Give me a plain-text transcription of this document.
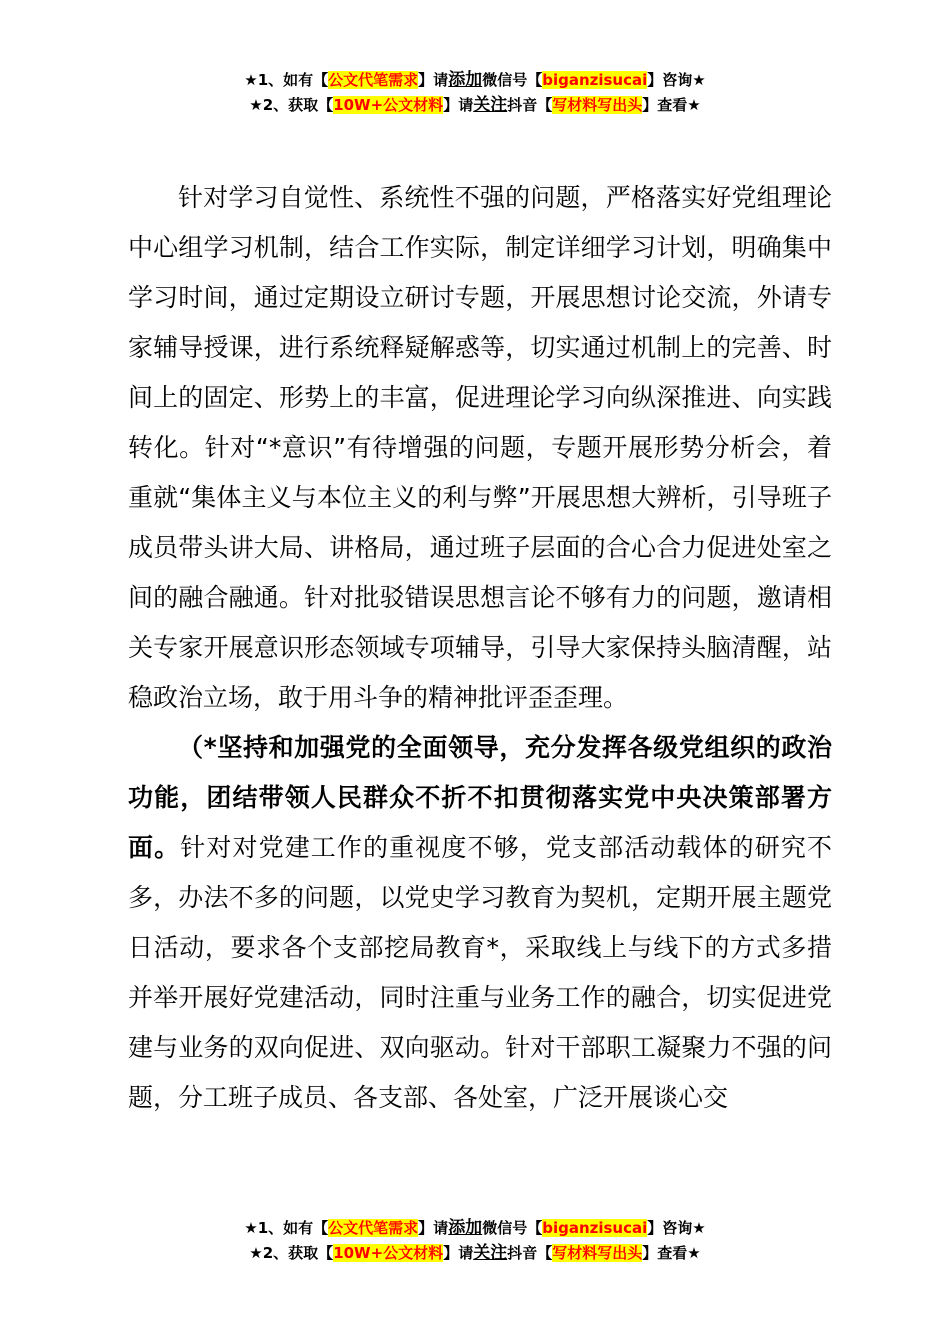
★1、如有【公文代笔需求】请添加微信号【biganzisucai】咨询★
★2、获取【10W+公文材料】请关注抖音【写材料写出头】查看★

针对学习自觉性、系统性不强的问题，严格落实好党组理论中心组学习机制，结合工作实际，制定详细学习计划，明确集中学习时间，通过定期设立研讨专题，开展思想讨论交流，外请专家辅导授课，进行系统释疑解惑等，切实通过机制上的完善、时间上的固定、形势上的丰富，促进理论学习向纵深推进、向实践转化。针对“*意识”有待增强的问题，专题开展形势分析会，着重就“集体主义与本位主义的利与弊”开展思想大辨析，引导班子成员带头讲大局、讲格局，通过班子层面的合心合力促进处室之间的融合融通。针对批驳错误思想言论不够有力的问题，邀请相关专家开展意识形态领域专项辅导，引导大家保持头脑清醒，站稳政治立场，敢于用斗争的精神批评歪歪理。

（*坚持和加强党的全面领导，充分发挥各级党组织的政治功能，团结带领人民群众不折不扣贯彻落实党中央决策部署方面。针对对党建工作的重视度不够，党支部活动载体的研究不多，办法不多的问题，以党史学习教育为契机，定期开展主题党日活动，要求各个支部挖局教育*，采取线上与线下的方式多措并举开展好党建活动，同时注重与业务工作的融合，切实促进党建与业务的双向促进、双向驱动。针对干部职工凝聚力不强的问题，分工班子成员、各支部、各处室，广泛开展谈心交

★1、如有【公文代笔需求】请添加微信号【biganzisucai】咨询★
★2、获取【10W+公文材料】请关注抖音【写材料写出头】查看★
